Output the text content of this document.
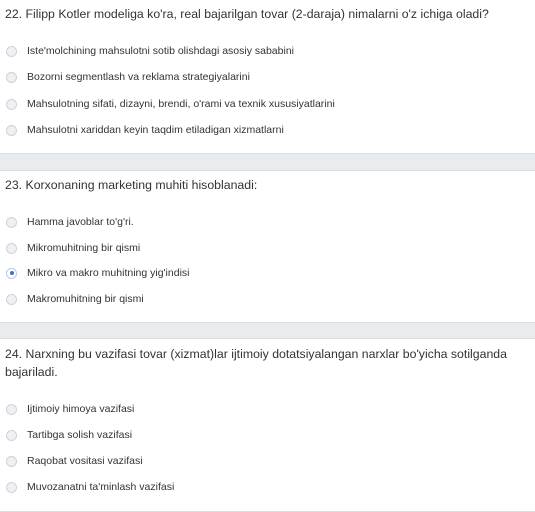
22. Filipp Kotler modeliga ko'ra, real bajarilgan tovar (2-daraja) nimalarni o'z ichiga oladi?
Iste'molchining mahsulotni sotib olishdagi asosiy sababini
Bozorni segmentlash va reklama strategiyalarini
Mahsulotning sifati, dizayni, brendi, o'rami va texnik xususiyatlarini
Mahsulotni xariddan keyin taqdim etiladigan xizmatlarni
23. Korxonaning marketing muhiti hisoblanadi:
Hamma javoblar to'g'ri.
Mikromuhitning bir qismi
Mikro va makro muhitning yig'indisi
Makromuhitning bir qismi
24. Narxning bu vazifasi tovar (xizmat)lar ijtimoiy dotatsiyalangan narxlar bo'yicha sotilganda bajariladi.
Ijtimoiy himoya vazifasi
Tartibga solish vazifasi
Raqobat vositasi vazifasi
Muvozanatni ta'minlash vazifasi
